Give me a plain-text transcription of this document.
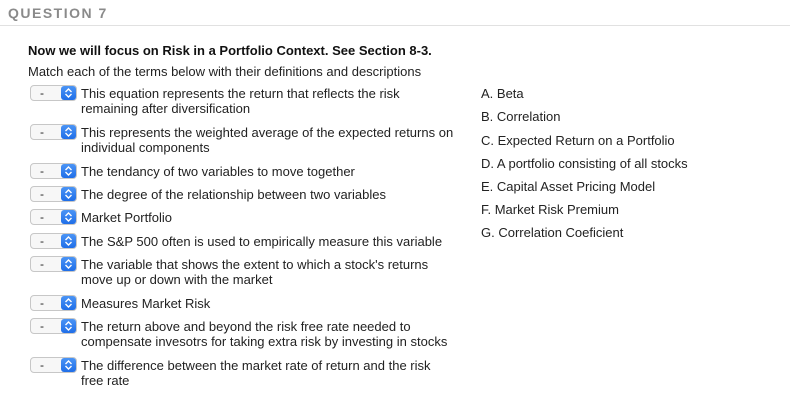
QUESTION 7
Now we will focus on Risk in a Portfolio Context. See Section 8-3.
Match each of the terms below with their definitions and descriptions
-	This equation represents the return that reflects the risk
remaining after diversification
-	This represents the weighted average of the expected returns on
individual components
-	The tendancy of two variables to move together
-	The degree of the relationship between two variables
-	Market Portfolio
-	The S&P 500 often is used to empirically measure this variable
-	The variable that shows the extent to which a stock's returns
move up or down with the market
-	Measures Market Risk
-	The return above and beyond the risk free rate needed to
compensate invesotrs for taking extra risk by investing in stocks
-	The difference between the market rate of return and the risk
free rate
A. Beta
B. Correlation
C. Expected Return on a Portfolio
D. A portfolio consisting of all stocks
E. Capital Asset Pricing Model
F. Market Risk Premium
G. Correlation Coeficient
